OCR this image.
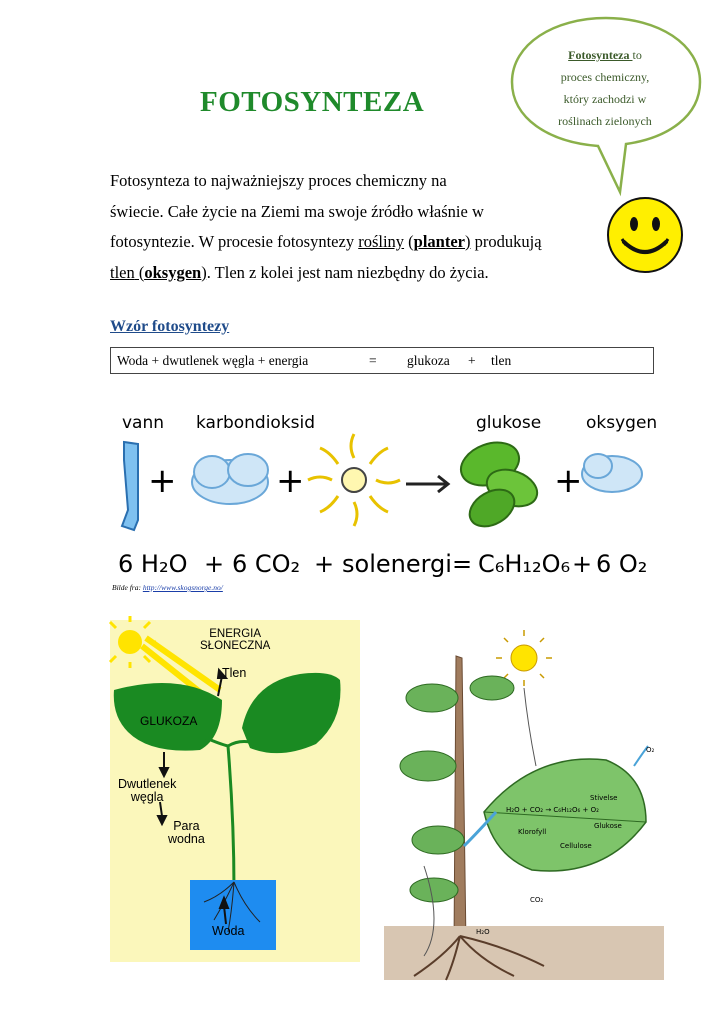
FOTOSYNTEZA
Fotosynteza to
proces chemiczny,
który zachodzi w
roślinach zielonych
Fotosynteza to najważniejszy proces chemiczny na
świecie. Całe życie na Ziemi ma swoje źródło właśnie w
fotosyntezie. W procesie fotosyntezy rośliny (planter) produkują
tlen (oksygen). Tlen z kolei jest nam niezbędny do życia.
Wzór fotosyntezy
Woda + dwutlenek węgla + energia	= glukoza + tlen
vann karbondioksid	glukose	oksygen
+	+	+
6 H₂O + 6 CO₂ + solenergi = C₆H₁₂O₆ + 6 O₂
Bilde fra: http://www.skogsnorge.no/
ENERGIA
SŁONECZNA
Tlen
GLUKOZA
Dwutlenek
węgla
Para
wodna
Woda
O₂
Stivelse
H₂O + CO₂ → C₆H₁₂O₆ + O₂
Klorofyll
Glukose
Cellulose
CO₂
H₂O
